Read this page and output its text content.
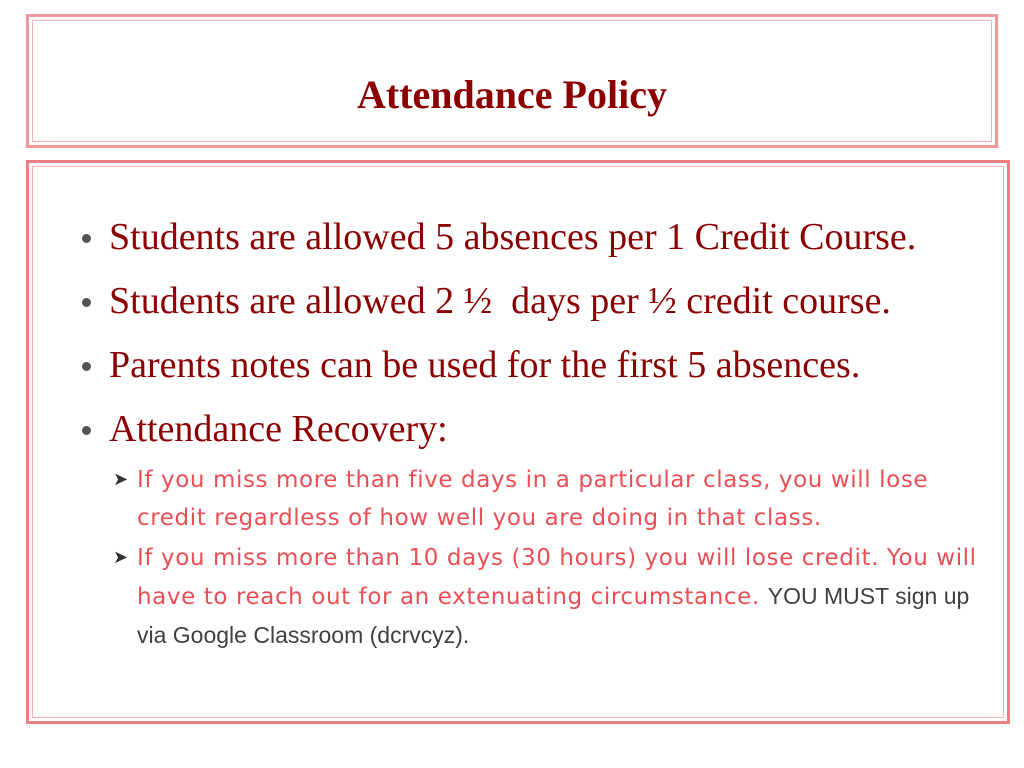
Attendance Policy
Students are allowed 5 absences per 1 Credit Course.
Students are allowed 2 ½  days per ½ credit course.
Parents notes can be used for the first 5 absences.
Attendance Recovery:
➤ If you miss more than five days in a particular class, you will lose credit regardless of how well you are doing in that class.
➤ If you miss more than 10 days (30 hours) you will lose credit. You will have to reach out for an extenuating circumstance. YOU MUST sign up via Google Classroom (dcrvcyz).
